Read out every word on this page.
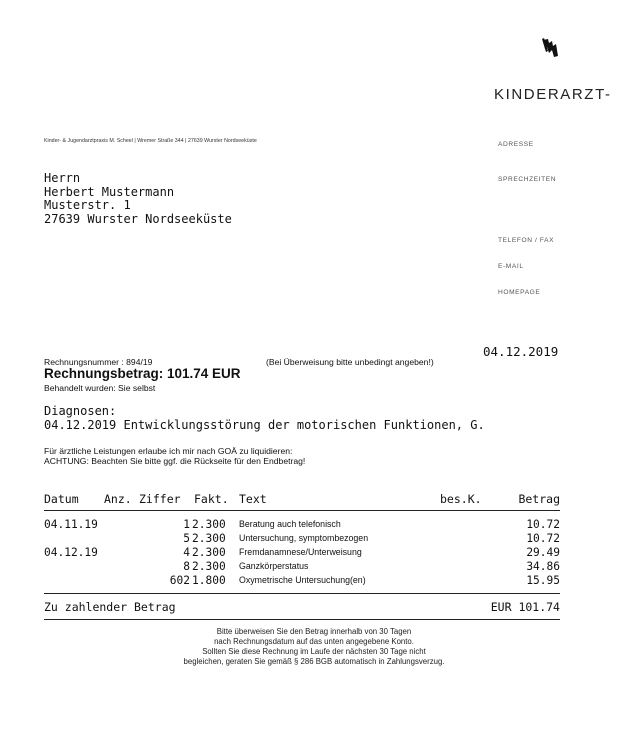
KINDERARZT-
Kinder- & Jugendarztpraxis M. Scheel | Wremer Straße 344 | 27639 Wurster Nordseeküste	ADRESSE
SPRECHZEITEN
TELEFON / FAX
E-MAIL
HOMEPAGE
Herrn
Herbert Mustermann
Musterstr. 1
27639 Wurster Nordseeküste
04.12.2019
Rechnungsnummer : 894/19	(Bei Überweisung bitte unbedingt angeben!)
Rechnungsbetrag: 101.74 EUR
Behandelt wurden: Sie selbst
Diagnosen:
04.12.2019 Entwicklungsstörung der motorischen Funktionen, G.
Für ärztliche Leistungen erlaube ich mir nach GOÄ zu liquidieren:
ACHTUNG: Beachten Sie bitte ggf. die Rückseite für den Endbetrag!
Datum Anz. Ziffer Fakt. Text	bes.K.	Betrag
04.11.19	1 2.300 Beratung auch telefonisch	10.72
5 2.300 Untersuchung, symptombezogen	10.72
04.12.19	4 2.300 Fremdanamnese/Unterweisung	29.49
8 2.300 Ganzkörperstatus	34.86
602 1.800 Oxymetrische Untersuchung(en)	15.95
Zu zahlender Betrag	EUR 101.74
Bitte überweisen Sie den Betrag innerhalb von 30 Tagen
nach Rechnungsdatum auf das unten angegebene Konto.
Sollten Sie diese Rechnung im Laufe der nächsten 30 Tage nicht
begleichen, geraten Sie gemäß § 286 BGB automatisch in Zahlungsverzug.
